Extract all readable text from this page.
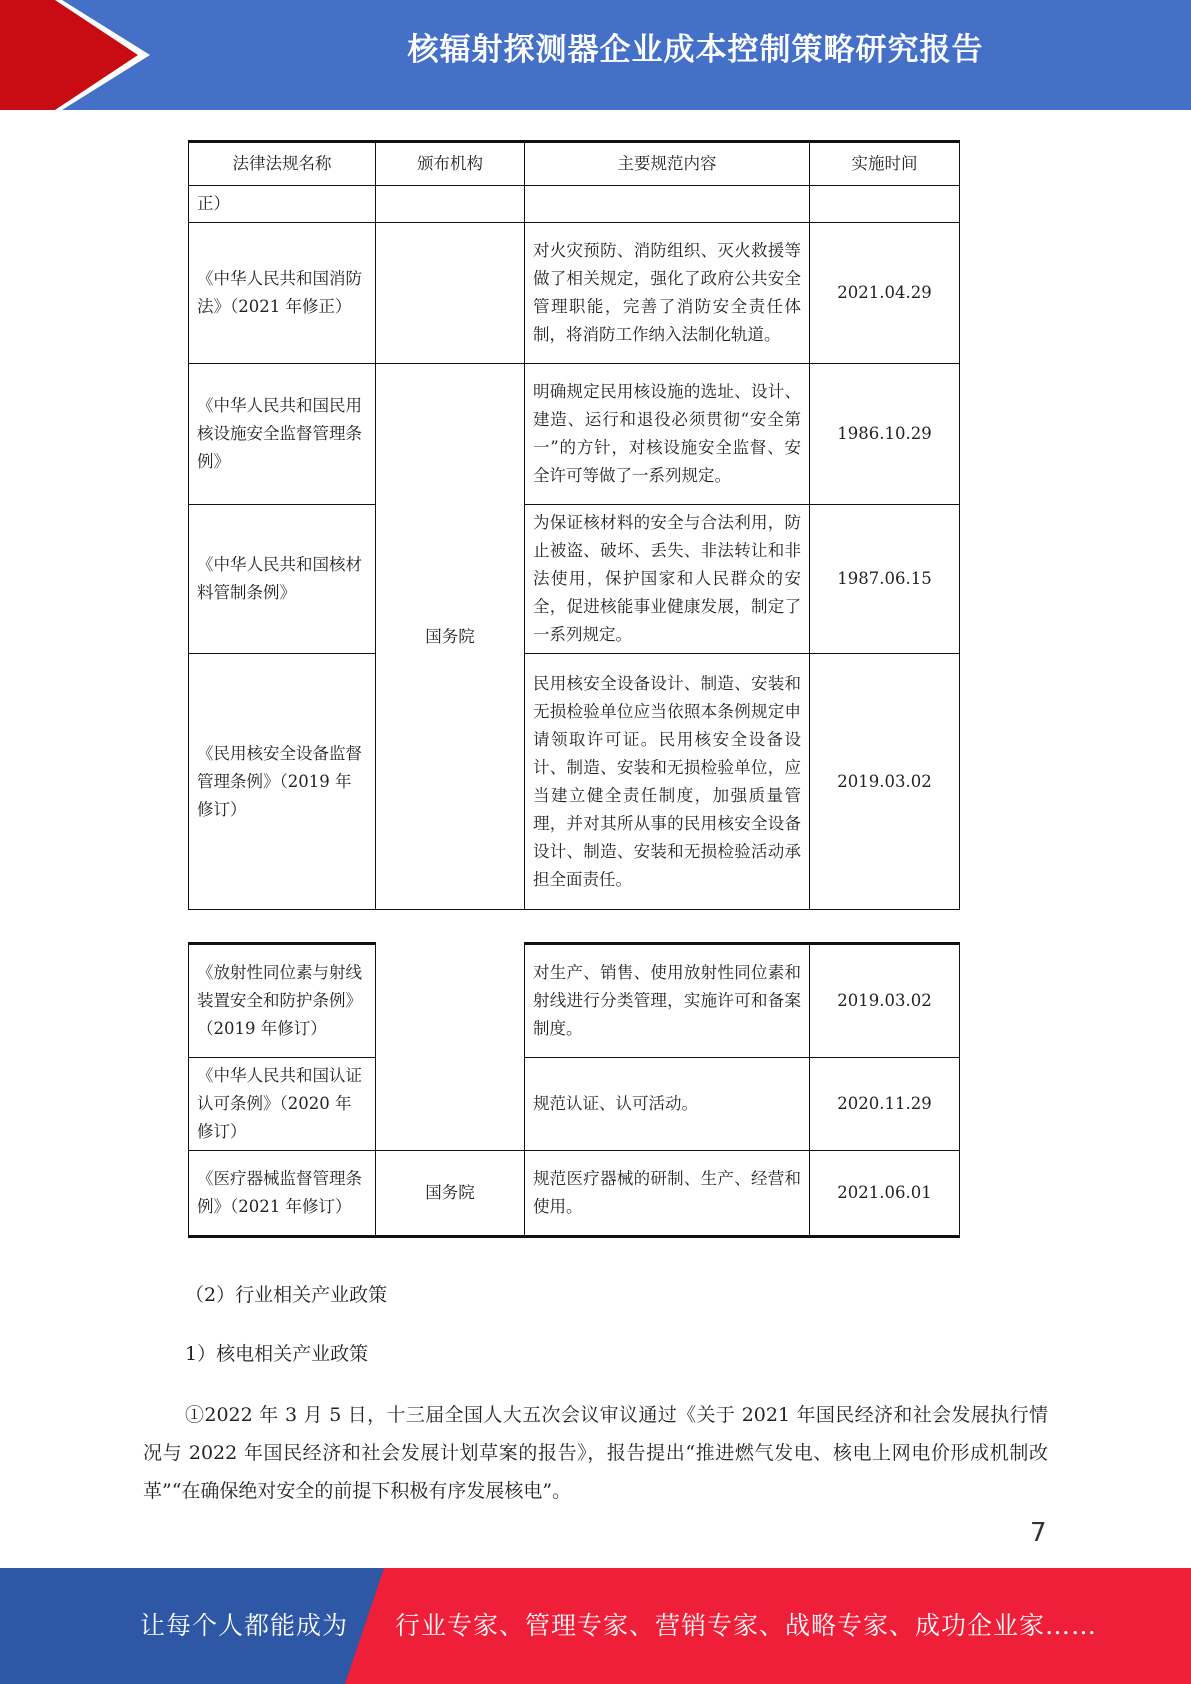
核辐射探测器企业成本控制策略研究报告
法律法规名称	颁布机构	主要规范内容	实施时间
正）			
《中华人民共和国消防法》（2021 年修正）		对火灾预防、消防组织、灭火救援等做了相关规定，强化了政府公共安全管理职能，完善了消防安全责任体制，将消防工作纳入法制化轨道。	2021.04.29
《中华人民共和国民用核设施安全监督管理条例》	国务院	明确规定民用核设施的选址、设计、建造、运行和退役必须贯彻“安全第一”的方针，对核设施安全监督、安全许可等做了一系列规定。	1986.10.29
《中华人民共和国核材料管制条例》		为保证核材料的安全与合法利用，防止被盗、破坏、丢失、非法转让和非法使用，保护国家和人民群众的安全，促进核能事业健康发展，制定了一系列规定。	1987.06.15
《民用核安全设备监督管理条例》（2019 年修订）		民用核安全设备设计、制造、安装和无损检验单位应当依照本条例规定申请领取许可证。民用核安全设备设计、制造、安装和无损检验单位，应当建立健全责任制度，加强质量管理，并对其所从事的民用核安全设备设计、制造、安装和无损检验活动承担全面责任。	2019.03.02
《放射性同位素与射线装置安全和防护条例》（2019 年修订）		对生产、销售、使用放射性同位素和射线进行分类管理，实施许可和备案制度。	2019.03.02
《中华人民共和国认证认可条例》（2020 年修订）		规范认证、认可活动。	2020.11.29
《医疗器械监督管理条例》（2021 年修订）	国务院	规范医疗器械的研制、生产、经营和使用。	2021.06.01
（2）行业相关产业政策
1）核电相关产业政策
①2022 年 3 月 5 日，十三届全国人大五次会议审议通过《关于 2021 年国民经济和社会发展执行情况与 2022 年国民经济和社会发展计划草案的报告》，报告提出“推进燃气发电、核电上网电价形成机制改革”“在确保绝对安全的前提下积极有序发展核电”。
7
让每个人都能成为 行业专家、管理专家、营销专家、战略专家、成功企业家……
